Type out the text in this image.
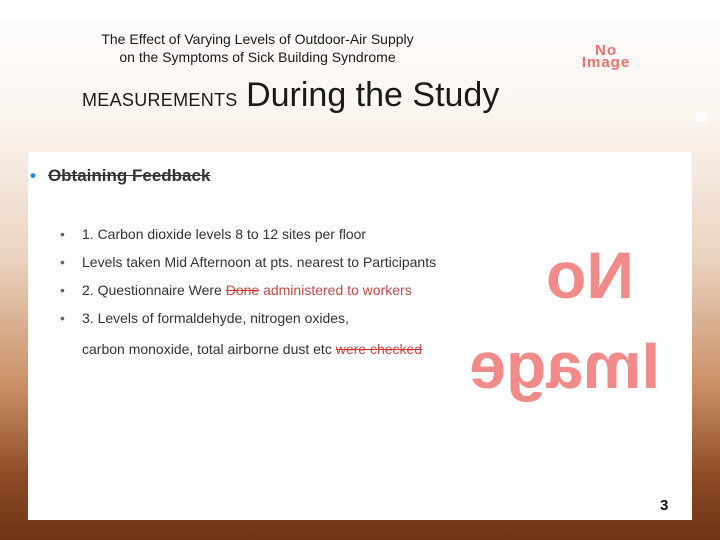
The Effect of Varying Levels of Outdoor-Air Supply
on the Symptoms of Sick Building Syndrome
MEASUREMENTS During the Study
No
Image
• Obtaining Feedback
• 1. Carbon dioxide levels 8 to 12 sites per floor
• Levels taken Mid Afternoon at pts. nearest to Participants
• 2. Questionnaire Were Done administered to workers
• 3. Levels of formaldehyde, nitrogen oxides,
carbon monoxide, total airborne dust etc were checked
No
Image
3
